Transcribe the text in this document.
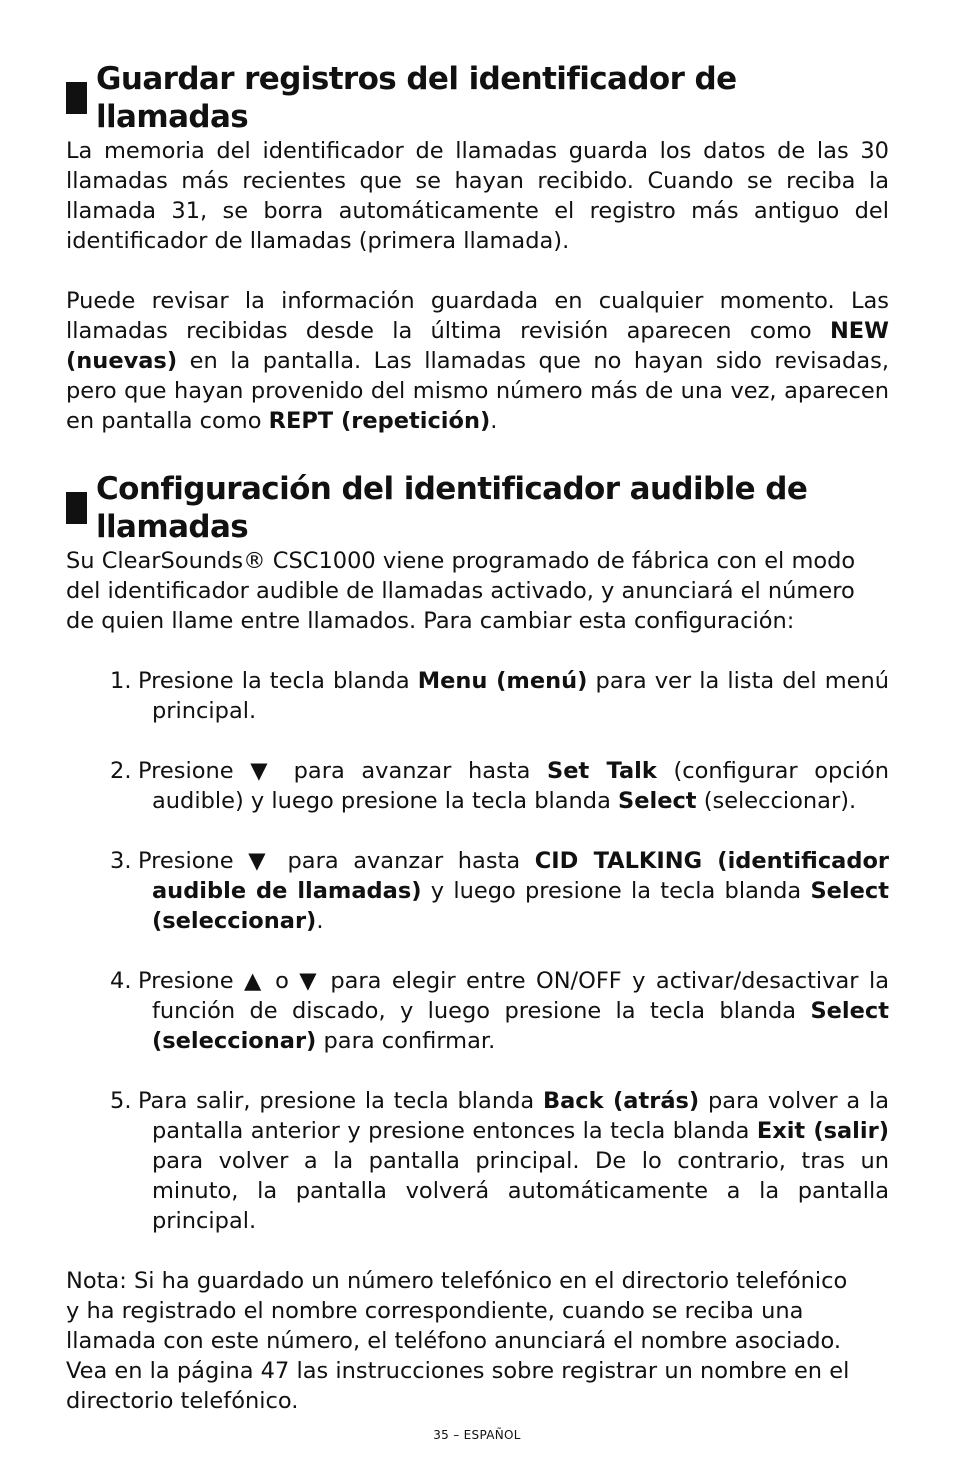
Guardar registros del identificador de llamadas

La memoria del identificador de llamadas guarda los datos de las 30 llamadas más recientes que se hayan recibido. Cuando se reciba la llamada 31, se borra automáticamente el registro más antiguo del identificador de llamadas (primera llamada).

Puede revisar la información guardada en cualquier momento. Las llamadas recibidas desde la última revisión aparecen como NEW (nuevas) en la pantalla. Las llamadas que no hayan sido revisadas, pero que hayan provenido del mismo número más de una vez, aparecen en pantalla como REPT (repetición).

Configuración del identificador audible de llamadas

Su ClearSounds® CSC1000 viene programado de fábrica con el modo del identificador audible de llamadas activado, y anunciará el número de quien llame entre llamados. Para cambiar esta configuración:

1. Presione la tecla blanda Menu (menú) para ver la lista del menú principal.
2. Presione ▼ para avanzar hasta Set Talk (configurar opción audible) y luego presione la tecla blanda Select (seleccionar).
3. Presione ▼ para avanzar hasta CID TALKING (identificador audible de llamadas) y luego presione la tecla blanda Select (seleccionar).
4. Presione ▲ o ▼ para elegir entre ON/OFF y activar/desactivar la función de discado, y luego presione la tecla blanda Select (seleccionar) para confirmar.
5. Para salir, presione la tecla blanda Back (atrás) para volver a la pantalla anterior y presione entonces la tecla blanda Exit (salir) para volver a la pantalla principal. De lo contrario, tras un minuto, la pantalla volverá automáticamente a la pantalla principal.

Nota: Si ha guardado un número telefónico en el directorio telefónico y ha registrado el nombre correspondiente, cuando se reciba una llamada con este número, el teléfono anunciará el nombre asociado. Vea en la página 47 las instrucciones sobre registrar un nombre en el directorio telefónico.

35 – ESPAÑOL
